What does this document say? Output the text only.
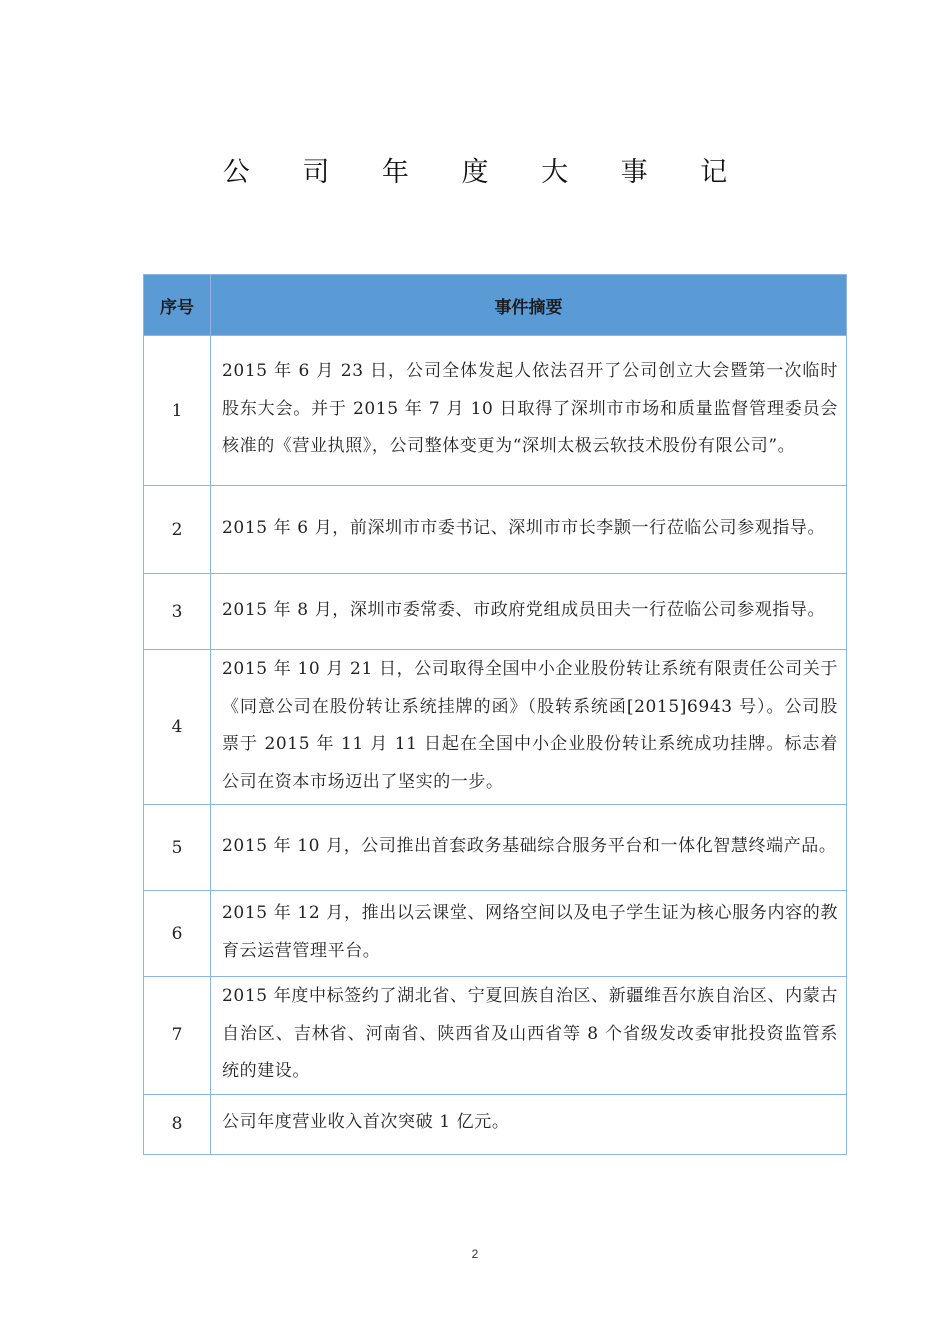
公 司 年 度 大 事 记
序号	事件摘要
1	2015 年 6 月 23 日，公司全体发起人依法召开了公司创立大会暨第一次临时股东大会。并于 2015 年 7 月 10 日取得了深圳市市场和质量监督管理委员会核准的《营业执照》，公司整体变更为“深圳太极云软技术股份有限公司”。
2	2015 年 6 月，前深圳市市委书记、深圳市市长李颢一行莅临公司参观指导。
3	2015 年 8 月，深圳市委常委、市政府党组成员田夫一行莅临公司参观指导。
4	2015 年 10 月 21 日，公司取得全国中小企业股份转让系统有限责任公司关于《同意公司在股份转让系统挂牌的函》（股转系统函[2015]6943 号）。公司股票于 2015 年 11 月 11 日起在全国中小企业股份转让系统成功挂牌。标志着公司在资本市场迈出了坚实的一步。
5	2015 年 10 月，公司推出首套政务基础综合服务平台和一体化智慧终端产品。
6	2015 年 12 月，推出以云课堂、网络空间以及电子学生证为核心服务内容的教育云运营管理平台。
7	2015 年度中标签约了湖北省、宁夏回族自治区、新疆维吾尔族自治区、内蒙古自治区、吉林省、河南省、陕西省及山西省等 8 个省级发改委审批投资监管系统的建设。
8	公司年度营业收入首次突破 1 亿元。
2
